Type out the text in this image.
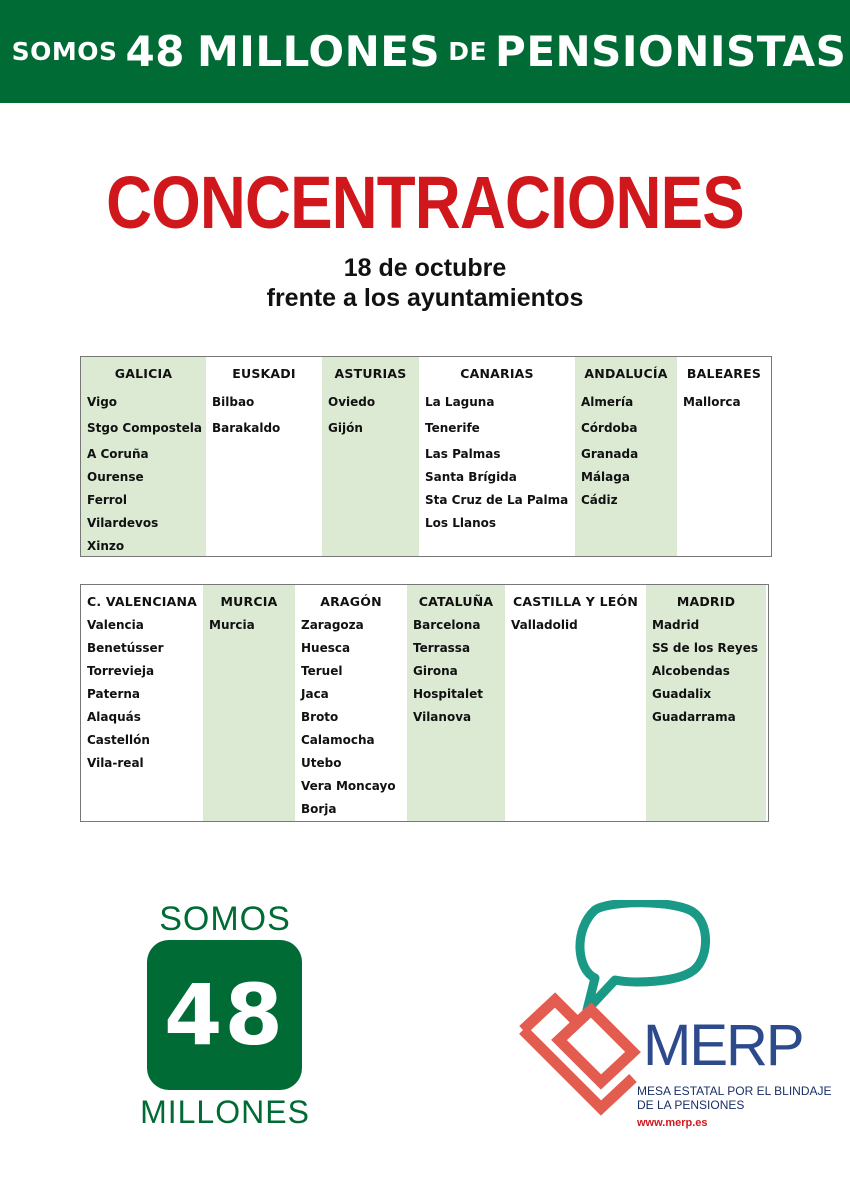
SOMOS 48 MILLONES DE PENSIONISTAS
CONCENTRACIONES
18 de octubre
frente a los ayuntamientos
GALICIA
Vigo
Stgo Compostela
A Coruña
Ourense
Ferrol
Vilardevos
Xinzo
EUSKADI
Bilbao
Barakaldo
ASTURIAS
Oviedo
Gijón
CANARIAS
La Laguna
Tenerife
Las Palmas
Santa Brígida
Sta Cruz de La Palma
Los Llanos
ANDALUCÍA
Almería
Córdoba
Granada
Málaga
Cádiz
BALEARES
Mallorca
C. VALENCIANA
Valencia
Benetússer
Torrevieja
Paterna
Alaquás
Castellón
Vila-real
MURCIA
Murcia
ARAGÓN
Zaragoza
Huesca
Teruel
Jaca
Broto
Calamocha
Utebo
Vera Moncayo
Borja
CATALUÑA
Barcelona
Terrassa
Girona
Hospitalet
Vilanova
CASTILLA Y LEÓN
Valladolid
MADRID
Madrid
SS de los Reyes
Alcobendas
Guadalix
Guadarrama
SOMOS
48
MILLONES
MERP
MESA ESTATAL POR EL BLINDAJE
DE LA PENSIONES
www.merp.es
